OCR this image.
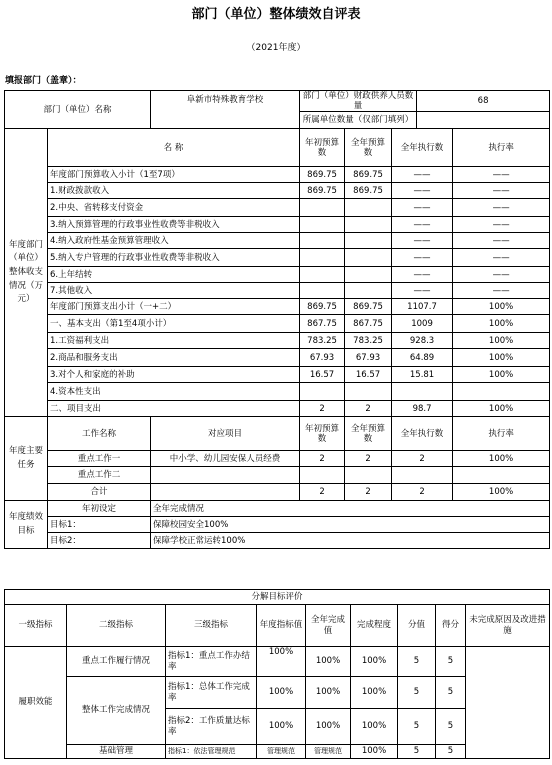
部门（单位）整体绩效自评表
（2021年度）
填报部门（盖章）：
部门（单位）名称		阜新市特殊教育学校	部门（单位）财政供养人员数量			68	
			所属单位数量（仅部门填列）				
年度部门（单位）整体收支情况（万元）	名 称		年初预算数	全年预算数	全年执行数		执行率
	年度部门预算收入小计（1至7项）		869.75	869.75	——		——
	1.财政拨款收入		869.75	869.75	——		——
	2.中央、省转移支付资金				——		——
	3.纳入预算管理的行政事业性收费等非税收入				——		——
	4.纳入政府性基金预算管理收入				——		——
	5.纳入专户管理的行政事业性收费等非税收入				——		——
	6.上年结转				——		——
	7.其他收入				——		——
	年度部门预算支出小计（一+二）		869.75	869.75	1107.7		100%
	一、基本支出（第1至4项小计）		867.75	867.75	1009		100%
	1.工资福利支出		783.25	783.25	928.3		100%
	2.商品和服务支出		67.93	67.93	64.89		100%
	3.对个人和家庭的补助		16.57	16.57	15.81		100%
	4.资本性支出						
	二、项目支出		2	2	98.7		100%
年度主要任务	工作名称	对应项目	年初预算数	全年预算数	全年执行数		执行率
	重点工作一	中小学、幼儿园安保人员经费	2	2	2		100%
	重点工作二						
	合计		2	2	2		100%
年度绩效目标	年初设定	全年完成情况					
	目标1：	保障校园安全100%					
	目标2：	保障学校正常运转100%					
分解目标评价								
一级指标	二级指标	三级指标	年度指标值	全年完成值	完成程度	分值	得分	未完成原因及改进措施
履职效能	重点工作履行情况	指标1：重点工作办结率	100%	100%	100%	5	5	
	整体工作完成情况	指标1：总体工作完成率	100%	100%	100%	5	5	
		指标2：工作质量达标率	100%	100%	100%	5	5	
	基础管理	指标1：依法管理规范	管理规范	管理规范	100%	5	5	
